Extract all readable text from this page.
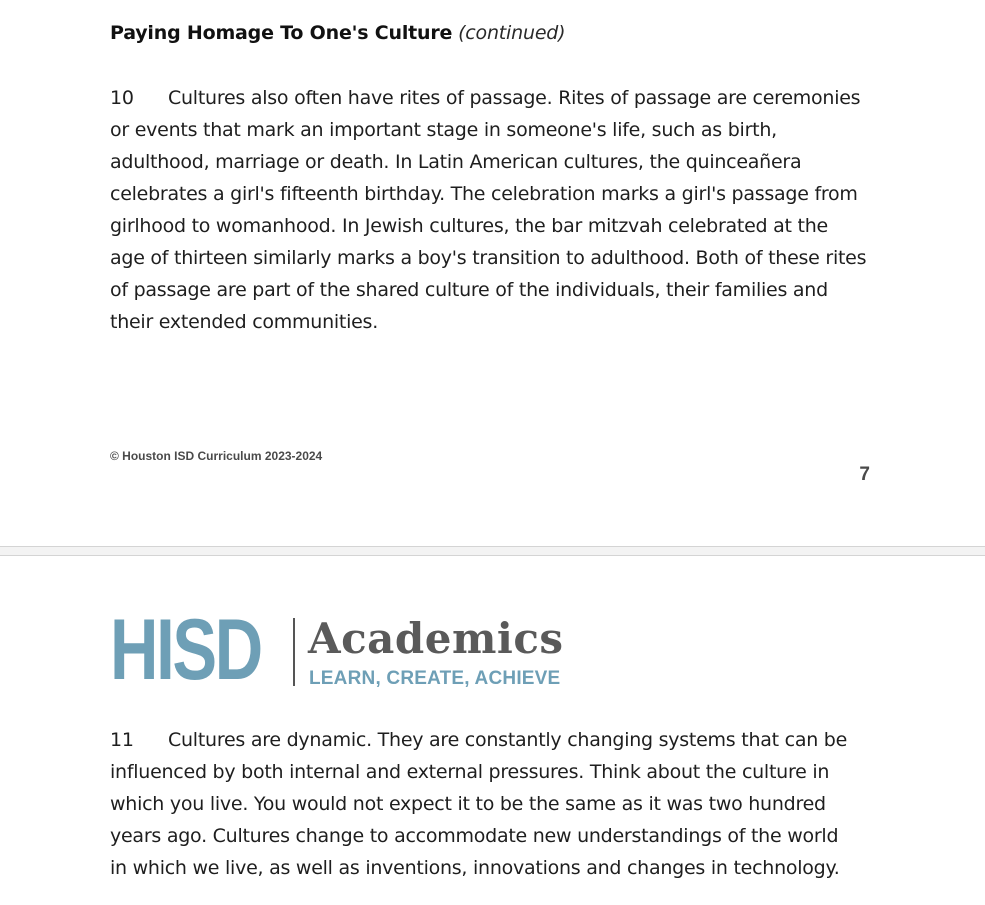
Paying Homage To One's Culture (continued)
10 Cultures also often have rites of passage. Rites of passage are ceremonies
or events that mark an important stage in someone's life, such as birth,
adulthood, marriage or death. In Latin American cultures, the quinceañera
celebrates a girl's fifteenth birthday. The celebration marks a girl's passage from
girlhood to womanhood. In Jewish cultures, the bar mitzvah celebrated at the
age of thirteen similarly marks a boy's transition to adulthood. Both of these rites
of passage are part of the shared culture of the individuals, their families and
their extended communities.
© Houston ISD Curriculum 2023-2024
7
HISD Academics
LEARN, CREATE, ACHIEVE
11 Cultures are dynamic. They are constantly changing systems that can be
influenced by both internal and external pressures. Think about the culture in
which you live. You would not expect it to be the same as it was two hundred
years ago. Cultures change to accommodate new understandings of the world
in which we live, as well as inventions, innovations and changes in technology.
